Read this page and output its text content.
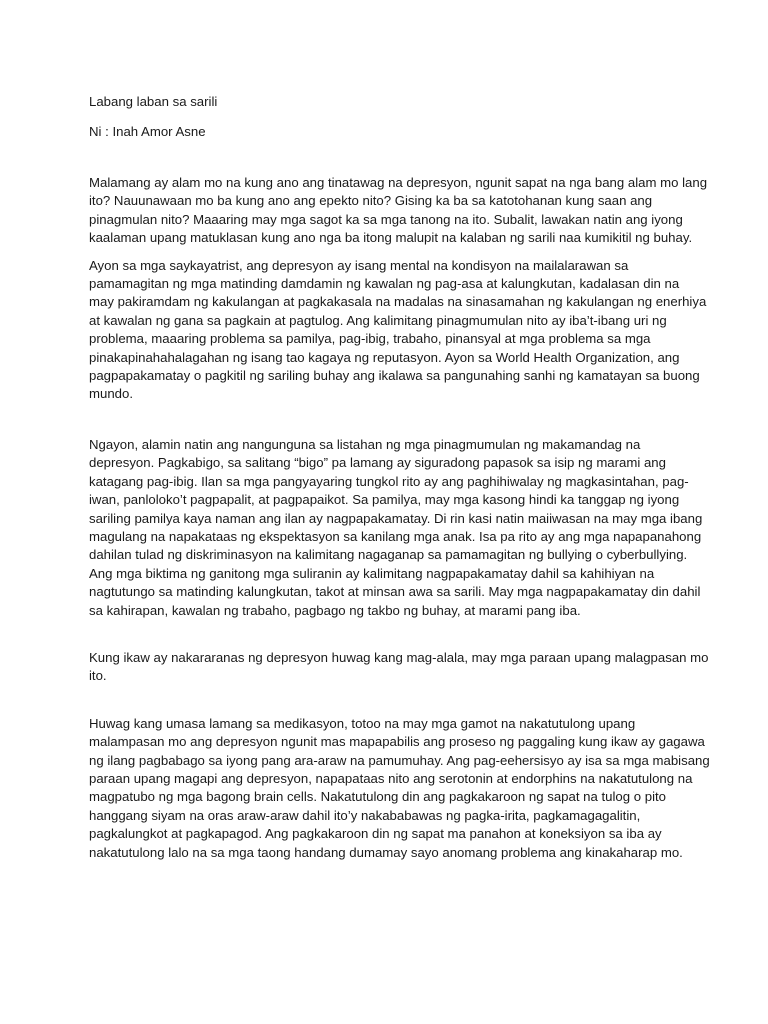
Labang laban sa sarili
Ni : Inah Amor Asne
Malamang ay alam mo na kung ano ang tinatawag na depresyon, ngunit sapat na nga bang alam mo lang
ito? Nauunawaan mo ba kung ano ang epekto nito? Gising ka ba sa katotohanan kung saan ang
pinagmulan nito? Maaaring may mga sagot ka sa mga tanong na ito. Subalit, lawakan natin ang iyong
kaalaman upang matuklasan kung ano nga ba itong malupit na kalaban ng sarili naa kumikitil ng buhay.
Ayon sa mga saykayatrist, ang depresyon ay isang mental na kondisyon na mailalarawan sa
pamamagitan ng mga matinding damdamin ng kawalan ng pag-asa at kalungkutan, kadalasan din na
may pakiramdam ng kakulangan at pagkakasala na madalas na sinasamahan ng kakulangan ng enerhiya
at kawalan ng gana sa pagkain at pagtulog. Ang kalimitang pinagmumulan nito ay iba’t-ibang uri ng
problema, maaaring problema sa pamilya, pag-ibig, trabaho, pinansyal at mga problema sa mga
pinakapinahahalagahan ng isang tao kagaya ng reputasyon. Ayon sa World Health Organization, ang
pagpapakamatay o pagkitil ng sariling buhay ang ikalawa sa pangunahing sanhi ng kamatayan sa buong
mundo.
Ngayon, alamin natin ang nangunguna sa listahan ng mga pinagmumulan ng makamandag na
depresyon. Pagkabigo, sa salitang “bigo” pa lamang ay siguradong papasok sa isip ng marami ang
katagang pag-ibig. Ilan sa mga pangyayaring tungkol rito ay ang paghihiwalay ng magkasintahan, pag-
iwan, panloloko’t pagpapalit, at pagpapaikot. Sa pamilya, may mga kasong hindi ka tanggap ng iyong
sariling pamilya kaya naman ang ilan ay nagpapakamatay. Di rin kasi natin maiiwasan na may mga ibang
magulang na napakataas ng ekspektasyon sa kanilang mga anak. Isa pa rito ay ang mga napapanahong
dahilan tulad ng diskriminasyon na kalimitang nagaganap sa pamamagitan ng bullying o cyberbullying.
Ang mga biktima ng ganitong mga suliranin ay kalimitang nagpapakamatay dahil sa kahihiyan na
nagtutungo sa matinding kalungkutan, takot at minsan awa sa sarili. May mga nagpapakamatay din dahil
sa kahirapan, kawalan ng trabaho, pagbago ng takbo ng buhay, at marami pang iba.
Kung ikaw ay nakararanas ng depresyon huwag kang mag-alala, may mga paraan upang malagpasan mo
ito.
Huwag kang umasa lamang sa medikasyon, totoo na may mga gamot na nakatutulong upang
malampasan mo ang depresyon ngunit mas mapapabilis ang proseso ng paggaling kung ikaw ay gagawa
ng ilang pagbabago sa iyong pang ara-araw na pamumuhay. Ang pag-eehersisyo ay isa sa mga mabisang
paraan upang magapi ang depresyon, napapataas nito ang serotonin at endorphins na nakatutulong na
magpatubo ng mga bagong brain cells. Nakatutulong din ang pagkakaroon ng sapat na tulog o pito
hanggang siyam na oras araw-araw dahil ito’y nakababawas ng pagka-irita, pagkamagagalitin,
pagkalungkot at pagkapagod. Ang pagkakaroon din ng sapat ma panahon at koneksiyon sa iba ay
nakatutulong lalo na sa mga taong handang dumamay sayo anomang problema ang kinakaharap mo.
